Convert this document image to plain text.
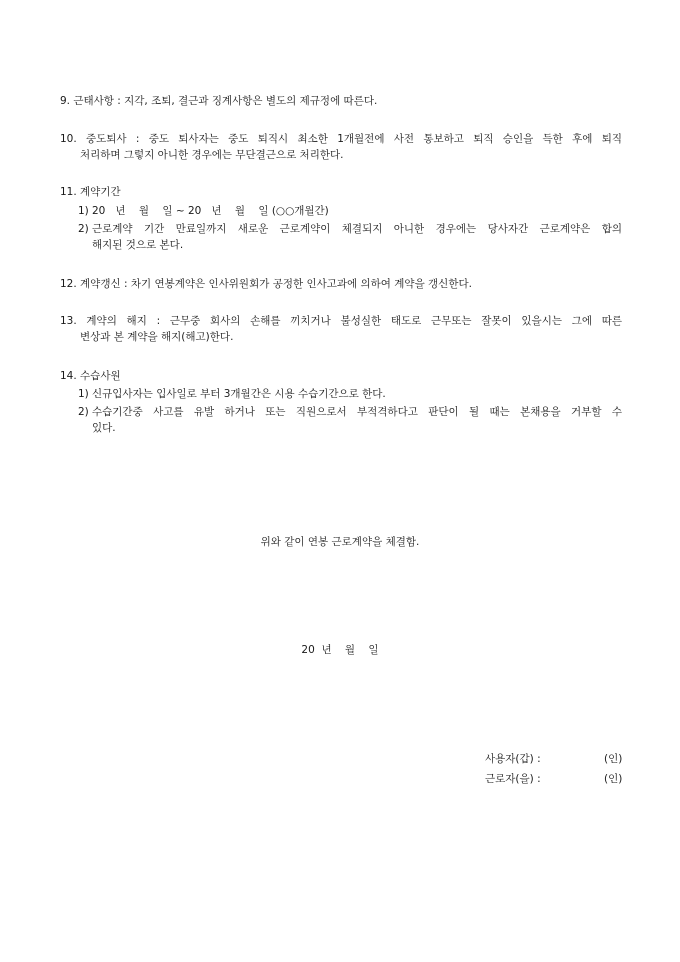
9. 근태사항 : 지각, 조퇴, 결근과 징계사항은 별도의 제규정에 따른다.
10. 중도퇴사 : 중도 퇴사자는 중도 퇴직시 최소한 1개월전에 사전 통보하고 퇴직 승인을 득한 후에 퇴직
처리하며 그렇지 아니한 경우에는 무단결근으로 처리한다.
11. 계약기간
1) 20   년    월    일 ~ 20   년    월    일 (○○개월간)
2) 근로계약 기간 만료일까지 새로운 근로계약이 체결되지 아니한 경우에는 당사자간 근로계약은 합의
해지된 것으로 본다.
12. 계약갱신 : 차기 연봉계약은 인사위원회가 공정한 인사고과에 의하여 계약을 갱신한다.
13. 계약의 해지 : 근무중 회사의 손해를 끼치거나 불성실한 태도로 근무또는 잘못이 있을시는 그에 따른
변상과 본 계약을 해지(해고)한다.
14. 수습사원
1) 신규입사자는 입사일로 부터 3개월간은 시용 수습기간으로 한다.
2) 수습기간중 사고를 유발 하거나 또는 직원으로서 부적격하다고 판단이 될 때는 본채용을 거부할 수
있다.
위와 같이 연봉 근로계약을 체결함.
20  년    월    일
사용자(갑) :	(인)
근로자(을) :	(인)
